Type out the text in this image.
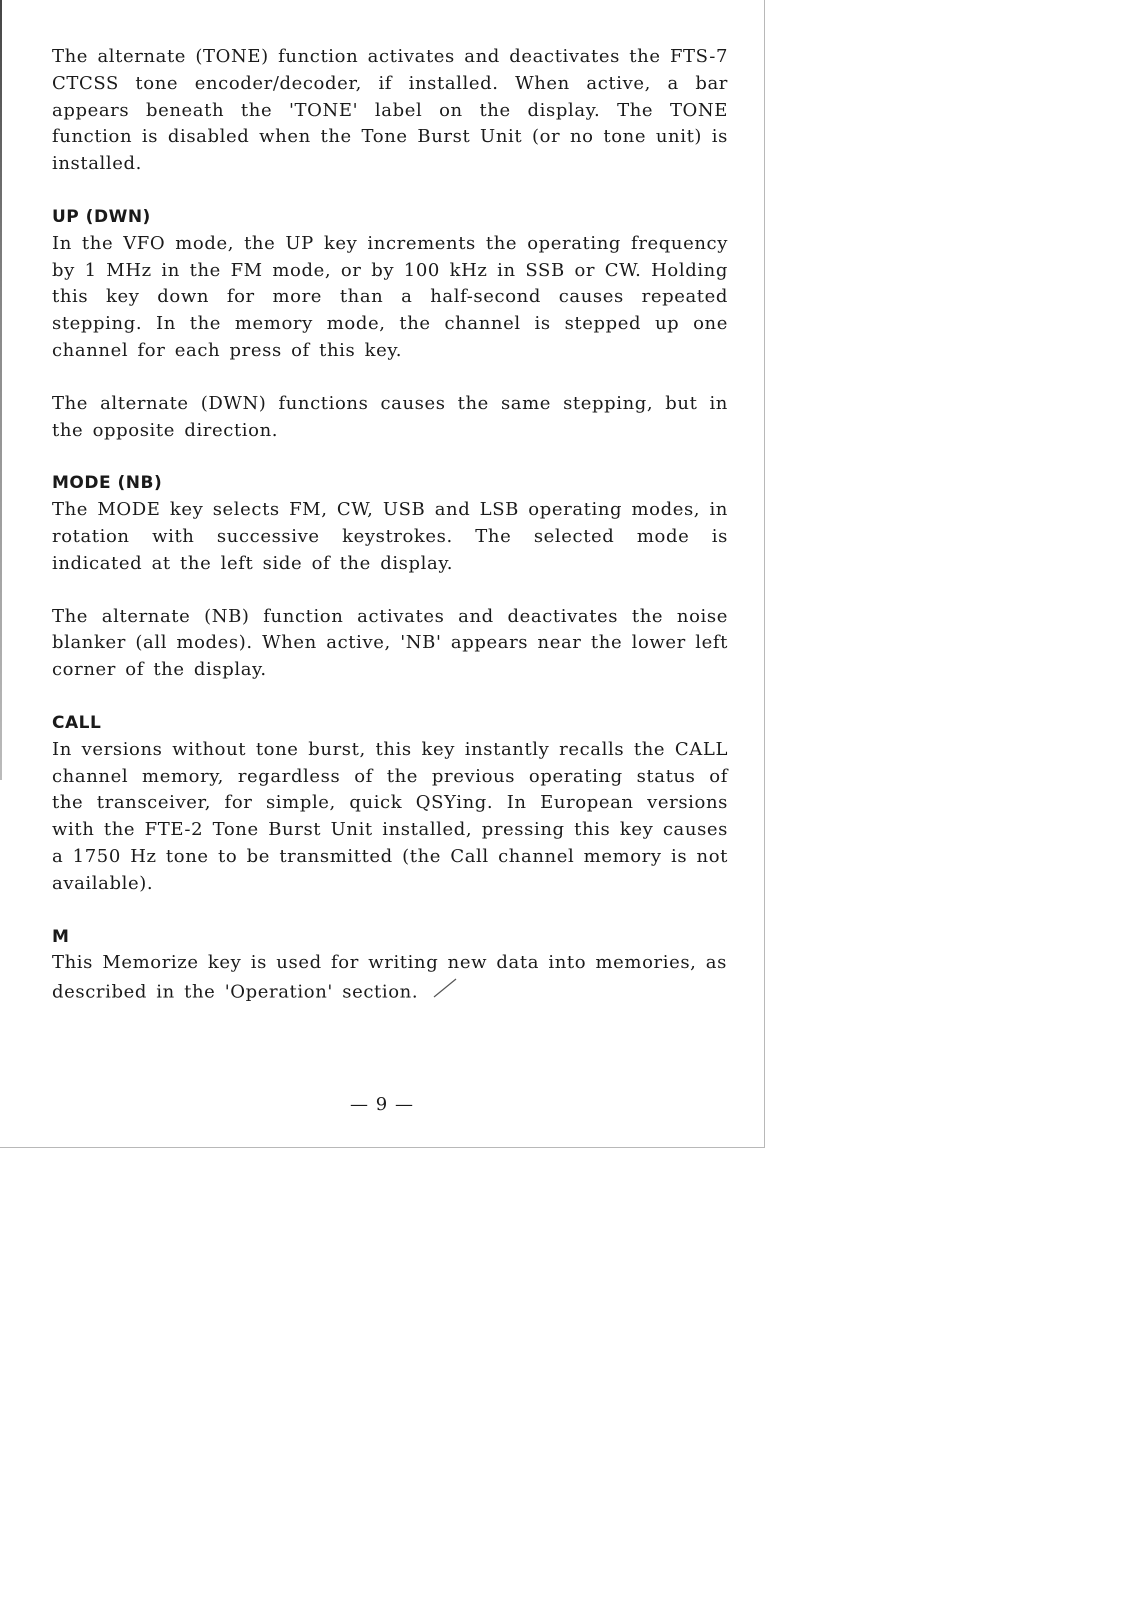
The alternate (TONE) function activates and deactivates the FTS-7 CTCSS tone encoder/decoder, if installed. When active, a bar appears beneath the 'TONE' label on the display. The TONE function is disabled when the Tone Burst Unit (or no tone unit) is installed.

UP (DWN)

In the VFO mode, the UP key increments the operating frequency by 1 MHz in the FM mode, or by 100 kHz in SSB or CW. Holding this key down for more than a half-second causes repeated stepping. In the memory mode, the channel is stepped up one channel for each press of this key.

The alternate (DWN) functions causes the same stepping, but in the opposite direction.

MODE (NB)

The MODE key selects FM, CW, USB and LSB operating modes, in rotation with successive keystrokes. The selected mode is indicated at the left side of the display.

The alternate (NB) function activates and deactivates the noise blanker (all modes). When active, 'NB' appears near the lower left corner of the display.

CALL

In versions without tone burst, this key instantly recalls the CALL channel memory, regardless of the previous operating status of the transceiver, for simple, quick QSYing. In European versions with the FTE-2 Tone Burst Unit installed, pressing this key causes a 1750 Hz tone to be transmitted (the Call channel memory is not available).

M

This Memorize key is used for writing new data into memories, as described in the 'Operation' section.

— 9 —
